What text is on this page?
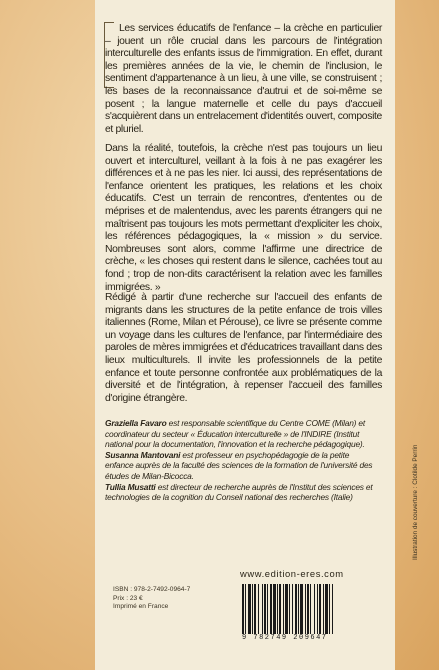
Les services éducatifs de l'enfance – la crèche en particulier – jouent un rôle crucial dans les parcours de l'intégration interculturelle des enfants issus de l'immigration. En effet, durant les premières années de la vie, le chemin de l'inclusion, le sentiment d'appartenance à un lieu, à une ville, se construisent ; les bases de la reconnaissance d'autrui et de soi-même se posent ; la langue maternelle et celle du pays d'accueil s'acquièrent dans un entrelacement d'identités ouvert, composite et pluriel.
Dans la réalité, toutefois, la crèche n'est pas toujours un lieu ouvert et interculturel, veillant à la fois à ne pas exagérer les différences et à ne pas les nier. Ici aussi, des représentations de l'enfance orientent les pratiques, les relations et les choix éducatifs. C'est un terrain de rencontres, d'ententes ou de méprises et de malentendus, avec les parents étrangers qui ne maîtrisent pas toujours les mots permettant d'expliciter les choix, les références pédagogiques, la « mission » du service. Nombreuses sont alors, comme l'affirme une directrice de crèche, « les choses qui restent dans le silence, cachées tout au fond ; trop de non-dits caractérisent la relation avec les familles immigrées. »
Rédigé à partir d'une recherche sur l'accueil des enfants de migrants dans les structures de la petite enfance de trois villes italiennes (Rome, Milan et Pérouse), ce livre se présente comme un voyage dans les cultures de l'enfance, par l'intermédiaire des paroles de mères immigrées et d'éducatrices travaillant dans des lieux multiculturels. Il invite les professionnels de la petite enfance et toute personne confrontée aux problématiques de la diversité et de l'intégration, à repenser l'accueil des familles d'origine étrangère.
Graziella Favaro est responsable scientifique du Centre COME (Milan) et coordinateur du secteur « Éducation interculturelle » de l'INDIRE (Institut national pour la documentation, l'innovation et la recherche pédagogique).
Susanna Mantovani est professeur en psychopédagogie de la petite enfance auprès de la faculté des sciences de la formation de l'université des études de Milan-Bicocca.
Tullia Musatti est directeur de recherche auprès de l'Institut des sciences et technologies de la cognition du Conseil national des recherches (Italie)
ISBN : 978-2-7492-0964-7
Prix : 23 €
Imprimé en France
www.edition-eres.com
9 782749 209647
Illustration de couverture : Clotilde Perrin
